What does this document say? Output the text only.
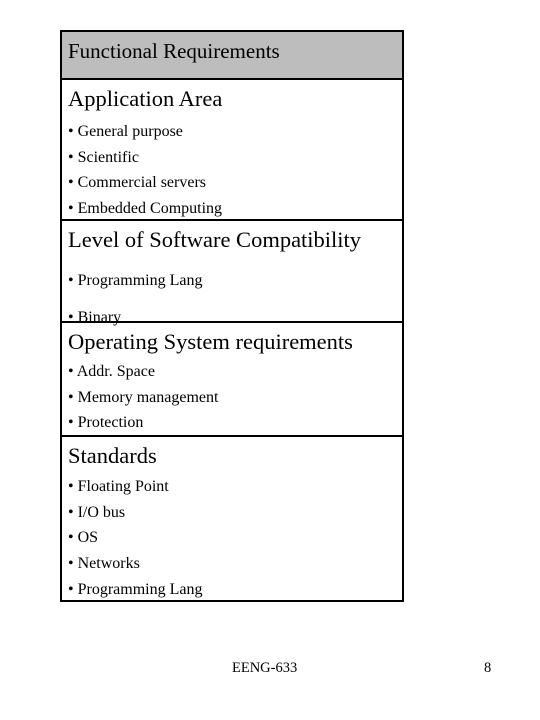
Functional Requirements
Application Area
• General purpose
• Scientific
• Commercial servers
• Embedded Computing
Level of Software Compatibility
• Programming Lang
• Binary
Operating System requirements
• Addr. Space
• Memory management
• Protection
Standards
• Floating Point
• I/O bus
• OS
• Networks
• Programming Lang
EENG-633	8
